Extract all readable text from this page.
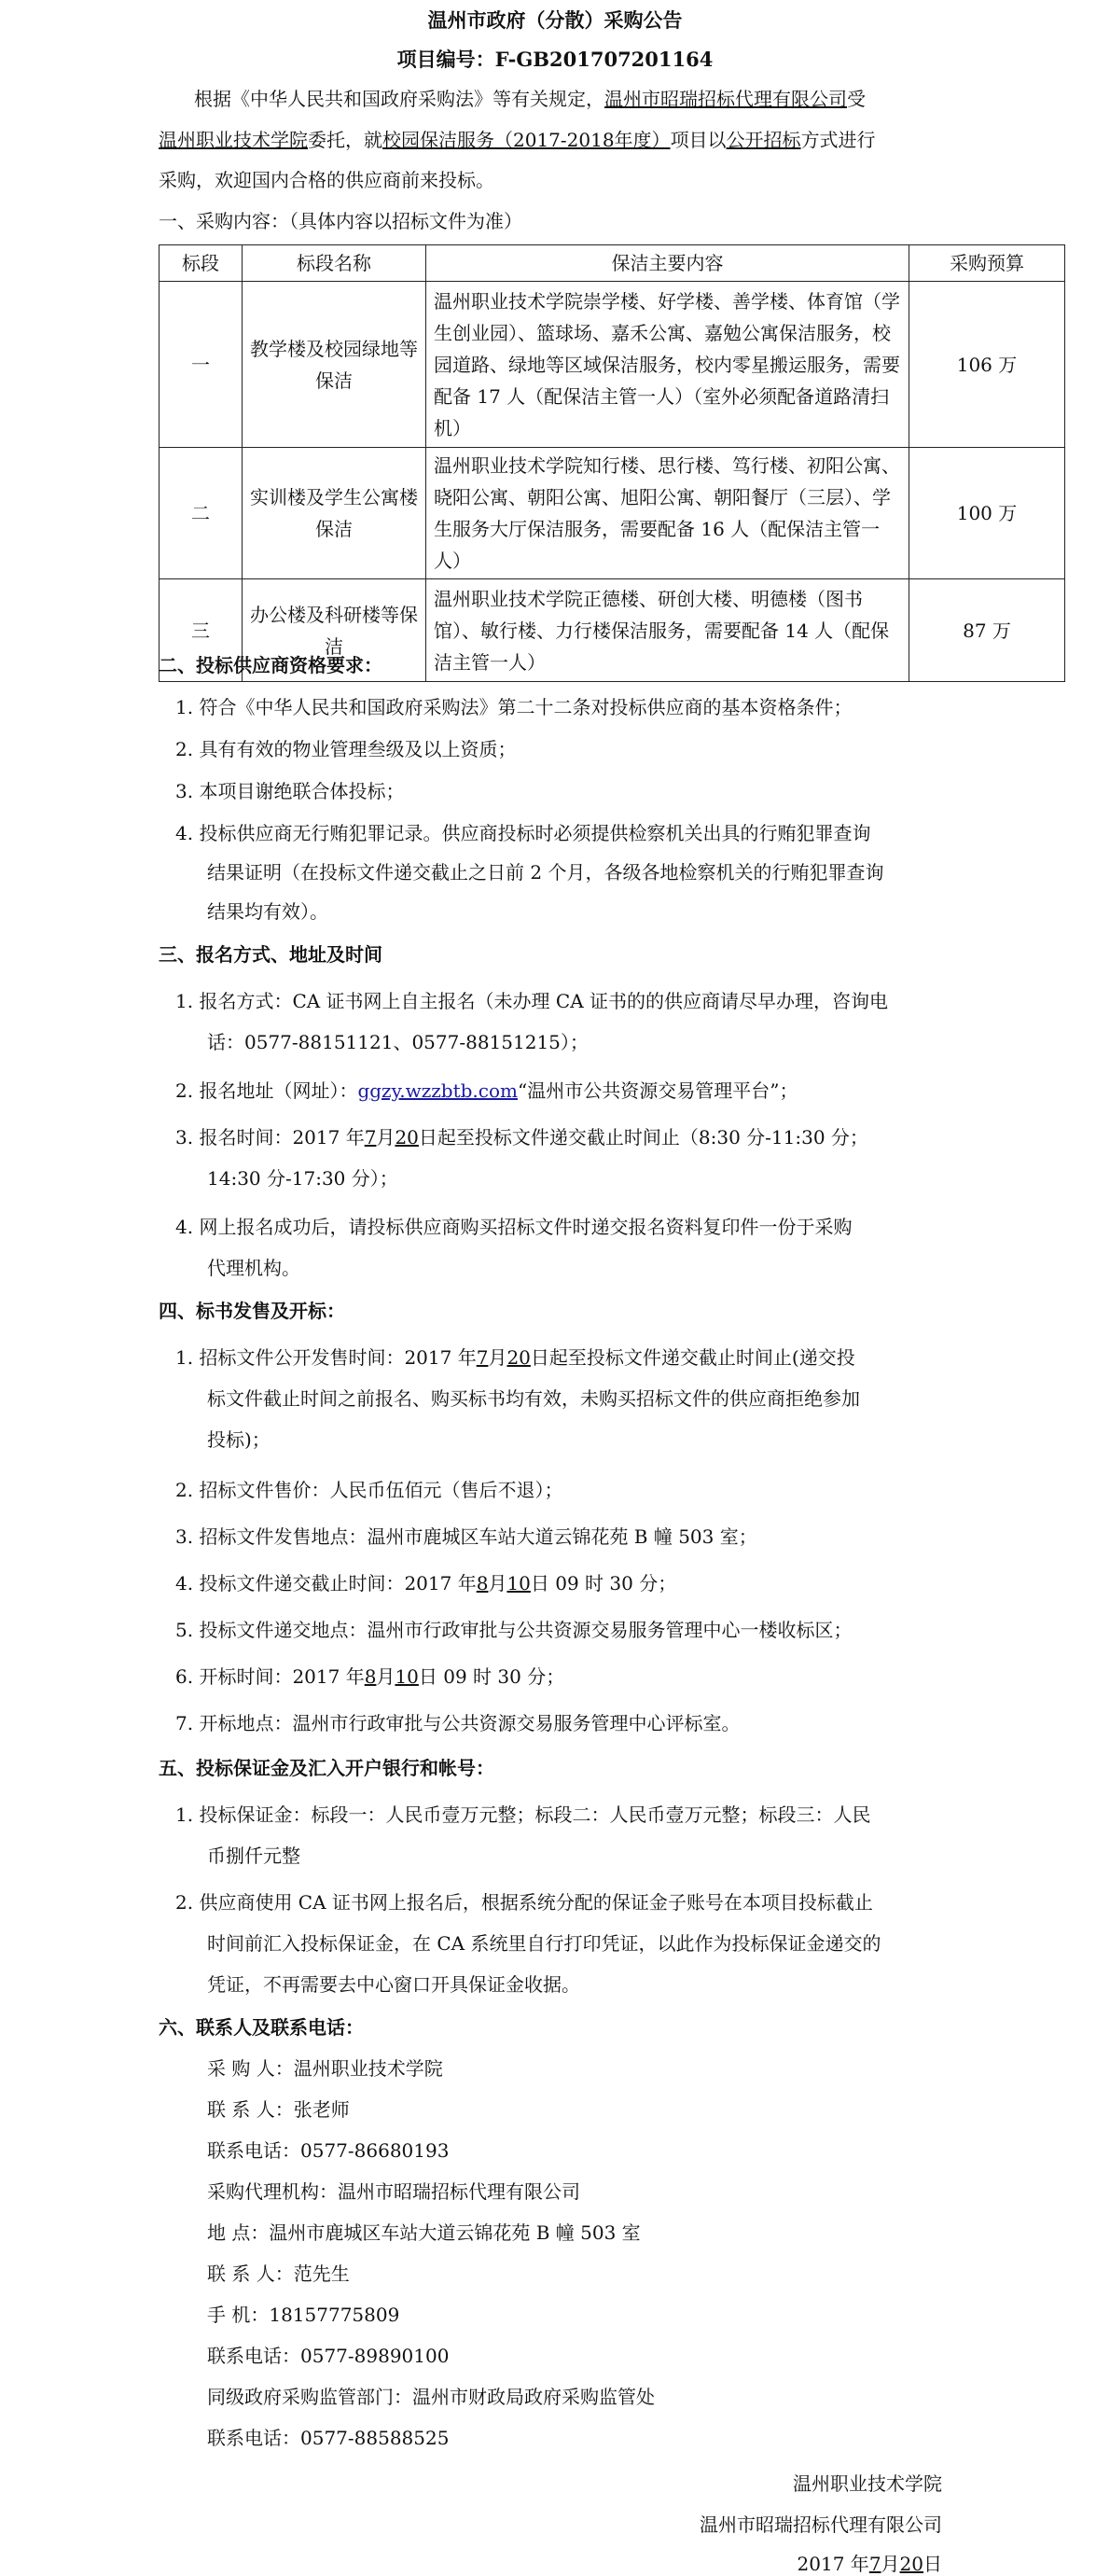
温州市政府（分散）采购公告
项目编号：F-GB201707201164
根据《中华人民共和国政府采购法》等有关规定，温州市昭瑞招标代理有限公司受
温州职业技术学院委托，就校园保洁服务（2017-2018年度）项目以公开招标方式进行
采购，欢迎国内合格的供应商前来投标。
一、采购内容：（具体内容以招标文件为准）
标段	标段名称	保洁主要内容	采购预算
一	教学楼及校园绿地等保洁	温州职业技术学院崇学楼、好学楼、善学楼、体育馆（学生创业园）、篮球场、嘉禾公寓、嘉勉公寓保洁服务，校园道路、绿地等区域保洁服务，校内零星搬运服务，需要配备 17 人（配保洁主管一人）（室外必须配备道路清扫机）	106 万
二	实训楼及学生公寓楼保洁	温州职业技术学院知行楼、思行楼、笃行楼、初阳公寓、晓阳公寓、朝阳公寓、旭阳公寓、朝阳餐厅（三层）、学生服务大厅保洁服务，需要配备 16 人（配保洁主管一人）	100 万
三	办公楼及科研楼等保洁	温州职业技术学院正德楼、研创大楼、明德楼（图书馆）、敏行楼、力行楼保洁服务，需要配备 14 人（配保洁主管一人）	87 万
二、投标供应商资格要求：
1. 符合《中华人民共和国政府采购法》第二十二条对投标供应商的基本资格条件；
2. 具有有效的物业管理叁级及以上资质；
3. 本项目谢绝联合体投标；
4. 投标供应商无行贿犯罪记录。供应商投标时必须提供检察机关出具的行贿犯罪查询
结果证明（在投标文件递交截止之日前 2 个月，各级各地检察机关的行贿犯罪查询
结果均有效）。
三、报名方式、地址及时间
1. 报名方式：CA 证书网上自主报名（未办理 CA 证书的的供应商请尽早办理，咨询电
话：0577-88151121、0577-88151215）；
2. 报名地址（网址）：ggzy.wzzbtb.com“温州市公共资源交易管理平台”；
3. 报名时间：2017 年7月20日起至投标文件递交截止时间止（8:30 分-11:30 分；
14:30 分-17:30 分）；
4. 网上报名成功后，请投标供应商购买招标文件时递交报名资料复印件一份于采购
代理机构。
四、标书发售及开标：
1. 招标文件公开发售时间：2017 年7月20日起至投标文件递交截止时间止(递交投
标文件截止时间之前报名、购买标书均有效，未购买招标文件的供应商拒绝参加
投标)；
2. 招标文件售价：人民币伍佰元（售后不退）；
3. 招标文件发售地点：温州市鹿城区车站大道云锦花苑 B 幢 503 室；
4. 投标文件递交截止时间：2017 年8月10日 09 时 30 分；
5. 投标文件递交地点：温州市行政审批与公共资源交易服务管理中心一楼收标区；
6. 开标时间：2017 年8月10日 09 时 30 分；
7. 开标地点：温州市行政审批与公共资源交易服务管理中心评标室。
五、投标保证金及汇入开户银行和帐号：
1. 投标保证金：标段一：人民币壹万元整；标段二：人民币壹万元整；标段三：人民
币捌仟元整
2. 供应商使用 CA 证书网上报名后，根据系统分配的保证金子账号在本项目投标截止
时间前汇入投标保证金，在 CA 系统里自行打印凭证，以此作为投标保证金递交的
凭证，不再需要去中心窗口开具保证金收据。
六、联系人及联系电话：
采 购 人：温州职业技术学院
联 系 人：张老师
联系电话：0577-86680193
采购代理机构：温州市昭瑞招标代理有限公司
地 点：温州市鹿城区车站大道云锦花苑 B 幢 503 室
联 系 人：范先生
手 机：18157775809
联系电话：0577-89890100
同级政府采购监管部门：温州市财政局政府采购监管处
联系电话：0577-88588525
温州职业技术学院
温州市昭瑞招标代理有限公司
2017 年7月20日
